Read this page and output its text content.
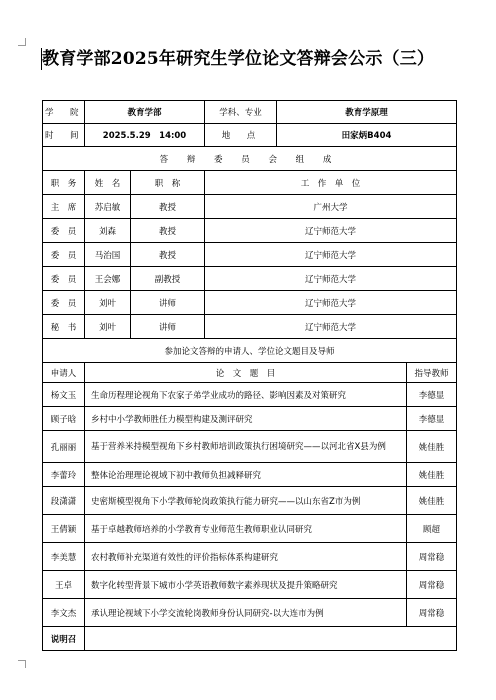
教育学部2025年研究生学位论文答辩会公示（三）
学　院	教育学部		学科、专业	教育学原理	
时　间	2025.5.29　14:00		地　点	田家炳B404	
答 辩 委 员 会 组 成					
职　务	姓　名	职　称	工　作　单　位		
主　席	苏启敏	教授	广州大学		
委　员	刘森	教授	辽宁师范大学		
委　员	马治国	教授	辽宁师范大学		
委　员	王会娜	副教授	辽宁师范大学		
委　员	刘叶	讲师	辽宁师范大学		
秘　书	刘叶	讲师	辽宁师范大学		
参加论文答辩的申请人、学位论文题目及导师					
申请人	论　文　题　目				指导教师
杨文玉	生命历程理论视角下农家子弟学业成功的路径、影响因素及对策研究				李德显
顾子晗	乡村中小学教师胜任力模型构建及测评研究				李德显
孔丽丽	基于营养米持模型视角下乡村教师培训政策执行困境研究——以河北省X县为例				姚佳胜
李蕾玲	整体论治理理论视域下初中教师负担减释研究				姚佳胜
段潇潇	史密斯模型视角下小学教师轮岗政策执行能力研究——以山东省Z市为例				姚佳胜
王倩颖	基于卓越教师培养的小学教育专业师范生教师职业认同研究				顾超
李美慧	农村教师补充渠道有效性的评价指标体系构建研究				周常稳
王卓	数字化转型背景下城市小学英语教师数字素养现状及提升策略研究				周常稳
李文杰	承认理论视域下小学交流轮岗教师身份认同研究-以大连市为例				周常稳
说明召					
